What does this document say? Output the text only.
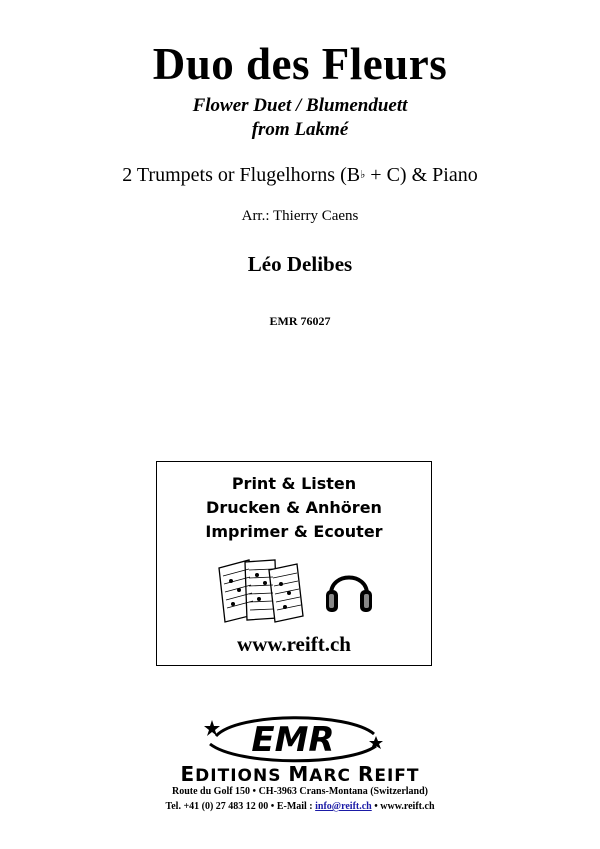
Duo des Fleurs
Flower Duet / Blumenduett
from Lakmé
2 Trumpets or Flugelhorns (B♭ + C) & Piano
Arr.: Thierry Caens
Léo Delibes
EMR 76027
Print & Listen
Drucken & Anhören
Imprimer & Ecouter
www.reift.ch
EMR
EDITIONS MARC REIFT
Route du Golf 150 • CH-3963 Crans-Montana (Switzerland)
Tel. +41 (0) 27 483 12 00 • E-Mail : info@reift.ch • www.reift.ch
